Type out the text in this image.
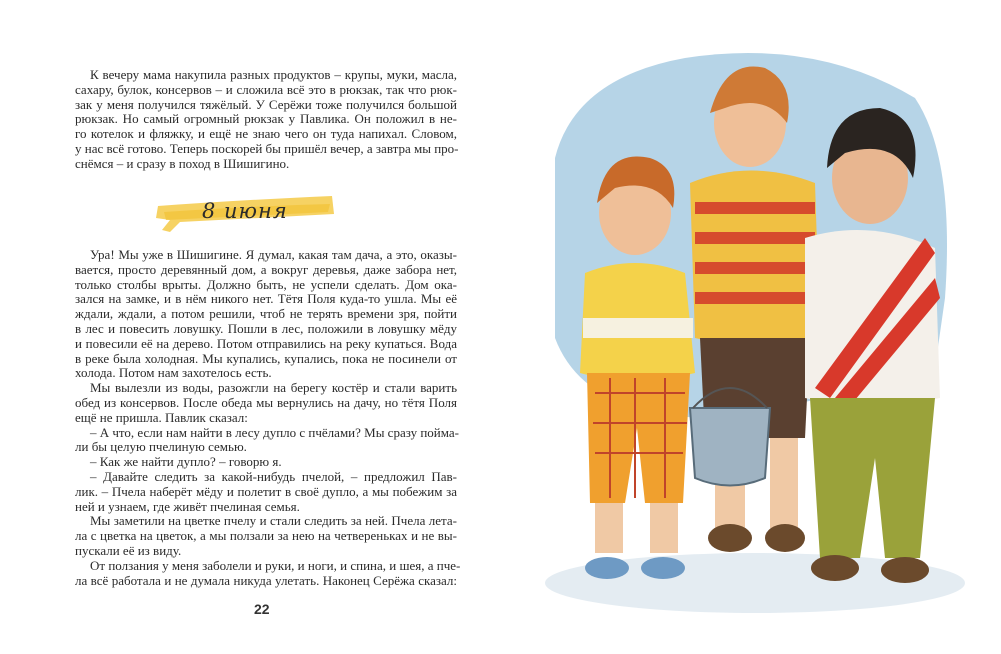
К вечеру мама накупила разных продуктов – крупы, муки, масла,
сахару, булок, консервов – и сложила всё это в рюкзак, так что рюк-
зак у меня получился тяжёлый. У Серёжи тоже получился большой
рюкзак. Но самый огромный рюкзак у Павлика. Он положил в не-
го котелок и фляжку, и ещё не знаю чего он туда напихал. Словом,
у нас всё готово. Теперь поскорей бы пришёл вечер, а завтра мы про-
снёмся – и сразу в поход в Шишигино.
8 июня
Ура! Мы уже в Шишигине. Я думал, какая там дача, а это, оказы-
вается, просто деревянный дом, а вокруг деревья, даже забора нет,
только столбы врыты. Должно быть, не успели сделать. Дом ока-
зался на замке, и в нём никого нет. Тётя Поля куда-то ушла. Мы её
ждали, ждали, а потом решили, чтоб не терять времени зря, пойти
в лес и повесить ловушку. Пошли в лес, положили в ловушку мёду
и повесили её на дерево. Потом отправились на реку купаться. Вода
в реке была холодная. Мы купались, купались, пока не посинели от
холода. Потом нам захотелось есть.
Мы вылезли из воды, разожгли на берегу костёр и стали варить
обед из консервов. После обеда мы вернулись на дачу, но тётя Поля
ещё не пришла. Павлик сказал:
– А что, если нам найти в лесу дупло с пчёлами? Мы сразу пойма-
ли бы целую пчелиную семью.
– Как же найти дупло? – говорю я.
– Давайте следить за какой-нибудь пчелой, – предложил Пав-
лик. – Пчела наберёт мёду и полетит в своё дупло, а мы побежим за
ней и узнаем, где живёт пчелиная семья.
Мы заметили на цветке пчелу и стали следить за ней. Пчела лета-
ла с цветка на цветок, а мы ползали за нею на четвереньках и не вы-
пускали её из виду.
От ползания у меня заболели и руки, и ноги, и спина, и шея, а пче-
ла всё работала и не думала никуда улетать. Наконец Серёжа сказал:
22
